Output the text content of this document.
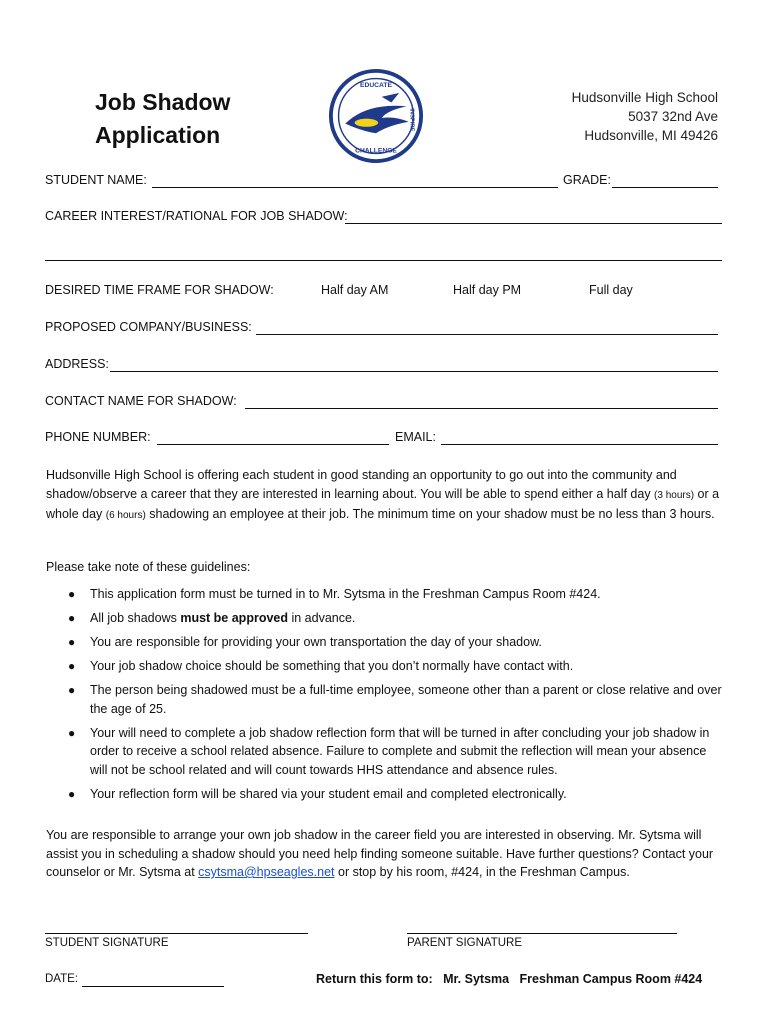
Job Shadow
Application
EDUCATE
CHALLENGE
INSPIRE
Hudsonville High School
5037 32nd Ave
Hudsonville, MI 49426
STUDENT NAME:	GRADE:
CAREER INTEREST/RATIONAL FOR JOB SHADOW:
DESIRED TIME FRAME FOR SHADOW:	Half day AM	Half day PM	Full day
PROPOSED COMPANY/BUSINESS:
ADDRESS:
CONTACT NAME FOR SHADOW:
PHONE NUMBER:	EMAIL:
Hudsonville High School is offering each student in good standing an opportunity to go out into the community and shadow/observe a career that they are interested in learning about. You will be able to spend either a half day (3 hours) or a whole day (6 hours) shadowing an employee at their job. The minimum time on your shadow must be no less than 3 hours.
Please take note of these guidelines:
● This application form must be turned in to Mr. Sytsma in the Freshman Campus Room #424.
● All job shadows must be approved in advance.
● You are responsible for providing your own transportation the day of your shadow.
● Your job shadow choice should be something that you don’t normally have contact with.
● The person being shadowed must be a full-time employee, someone other than a parent or close relative and over the age of 25.
● Your will need to complete a job shadow reflection form that will be turned in after concluding your job shadow in order to receive a school related absence. Failure to complete and submit the reflection will mean your absence will not be school related and will count towards HHS attendance and absence rules.
● Your reflection form will be shared via your student email and completed electronically.
You are responsible to arrange your own job shadow in the career field you are interested in observing. Mr. Sytsma will assist you in scheduling a shadow should you need help finding someone suitable. Have further questions? Contact your counselor or Mr. Sytsma at csytsma@hpseagles.net or stop by his room, #424, in the Freshman Campus.
STUDENT SIGNATURE	PARENT SIGNATURE
DATE:	Return this form to: Mr. Sytsma   Freshman Campus Room #424
